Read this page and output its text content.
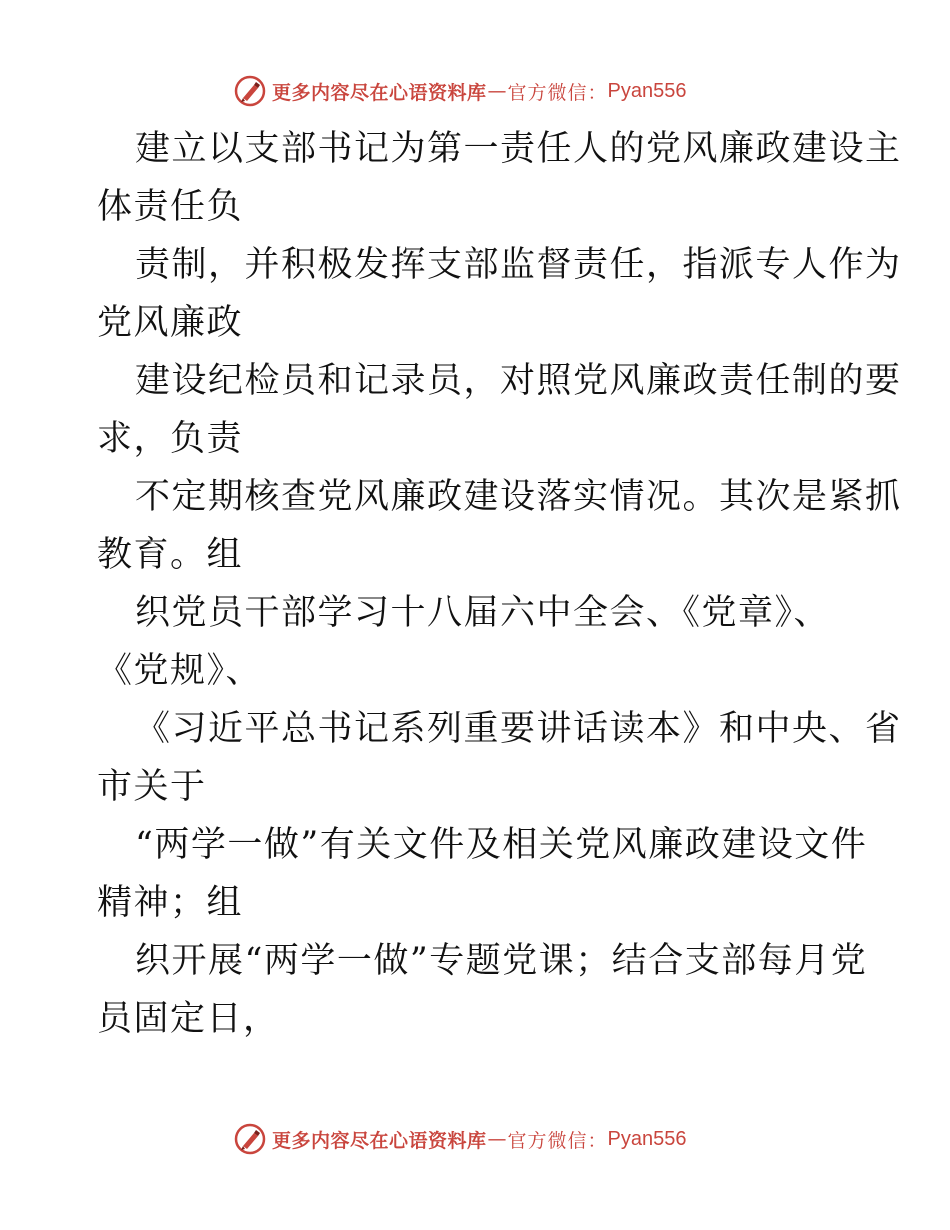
更多内容尽在心语资料库 — 官方微信： Pyan556
建立以支部书记为第一责任人的党风廉政建设主
体责任负
责制，并积极发挥支部监督责任，指派专人作为
党风廉政
建设纪检员和记录员，对照党风廉政责任制的要
求，负责
不定期核查党风廉政建设落实情况。其次是紧抓
教育。组
织党员干部学习十八届六中全会、《党章》、
《党规》、
《习近平总书记系列重要讲话读本》和中央、省
市关于
“两学一做”有关文件及相关党风廉政建设文件
精神；组
织开展“两学一做”专题党课；结合支部每月党
员固定日，
更多内容尽在心语资料库 — 官方微信： Pyan556
